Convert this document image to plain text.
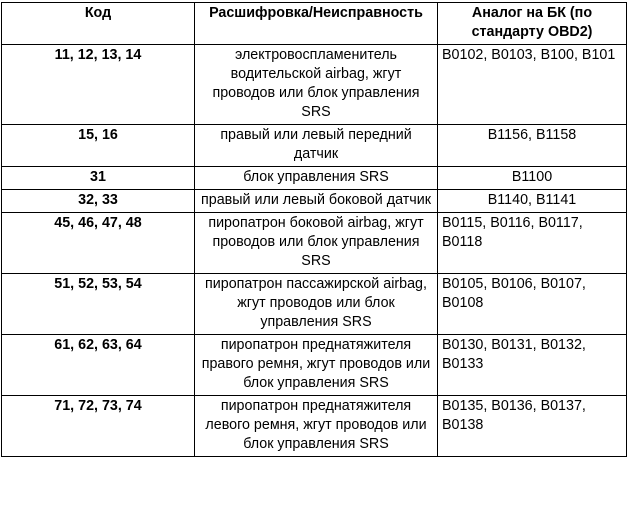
Код	Расшифровка/Неисправность	Аналог на БК (по стандарту OBD2)
11, 12, 13, 14	электровоспламенитель водительской airbag, жгут проводов или блок управления SRS	B0102, B0103, B100, B101
15, 16	правый или левый передний датчик	B1156, B1158
31	блок управления SRS	B1100
32, 33	правый или левый боковой датчик	B1140, B1141
45, 46, 47, 48	пиропатрон боковой airbag, жгут проводов или блок управления SRS	B0115, B0116, B0117, B0118
51, 52, 53, 54	пиропатрон пассажирской airbag, жгут проводов или блок управления SRS	B0105, B0106, B0107, B0108
61, 62, 63, 64	пиропатрон преднатяжителя правого ремня, жгут проводов или блок управления SRS	B0130, B0131, B0132, B0133
71, 72, 73, 74	пиропатрон преднатяжителя левого ремня, жгут проводов или блок управления SRS	B0135, B0136, B0137, B0138
